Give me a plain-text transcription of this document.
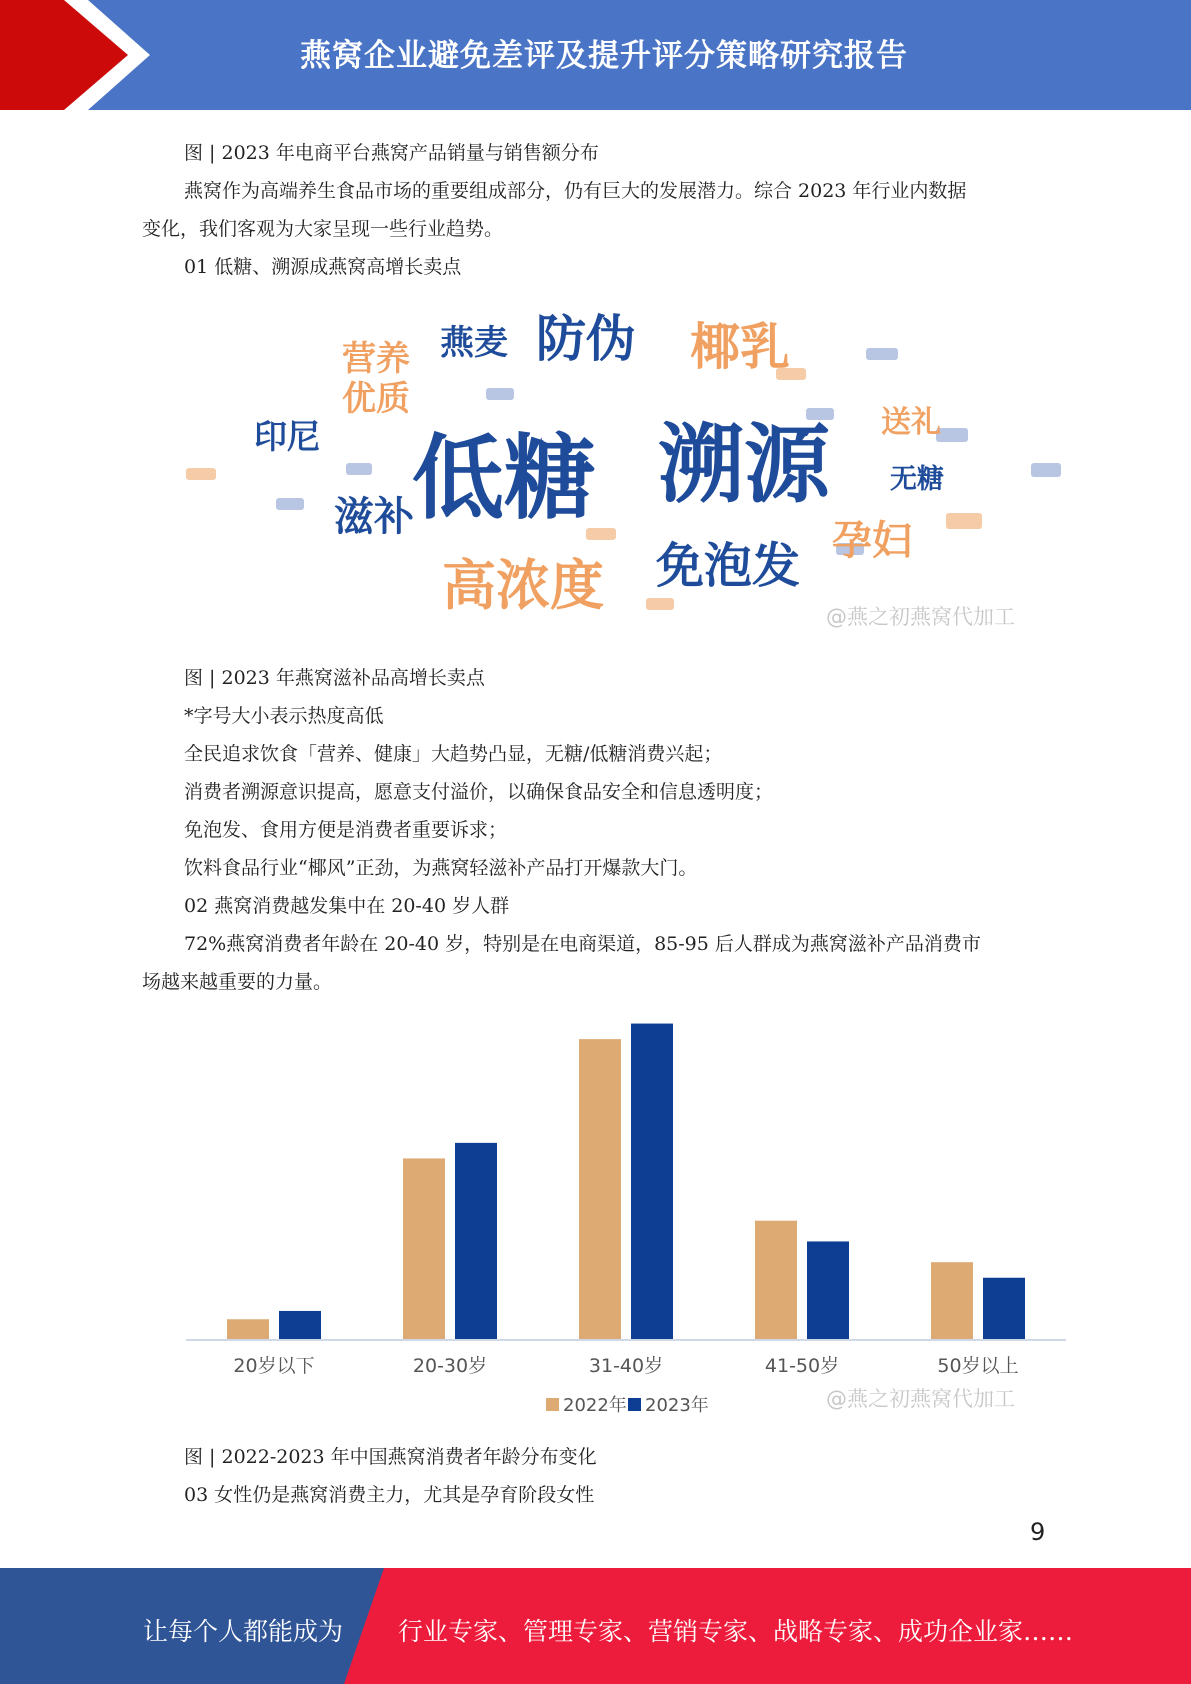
燕窝企业避免差评及提升评分策略研究报告
图 | 2023 年电商平台燕窝产品销量与销售额分布
燕窝作为高端养生食品市场的重要组成部分，仍有巨大的发展潜力。综合 2023 年行业内数据
变化，我们客观为大家呈现一些行业趋势。
01 低糖、溯源成燕窝高增长卖点
低糖 溯源
防伪 椰乳
燕麦
营养
优质
印尼
滋补
高浓度 免泡发 孕妇
送礼
无糖
@燕之初燕窝代加工
图 | 2023 年燕窝滋补品高增长卖点
*字号大小表示热度高低
全民追求饮食「营养、健康」大趋势凸显，无糖/低糖消费兴起；
消费者溯源意识提高，愿意支付溢价，以确保食品安全和信息透明度；
免泡发、食用方便是消费者重要诉求；
饮料食品行业“椰风”正劲，为燕窝轻滋补产品打开爆款大门。
02 燕窝消费越发集中在 20-40 岁人群
72%燕窝消费者年龄在 20-40 岁，特别是在电商渠道，85-95 后人群成为燕窝滋补产品消费市
场越来越重要的力量。
20岁以下	20-30岁	31-40岁	41-50岁	50岁以上
2022年 2023年	@燕之初燕窝代加工
图 | 2022-2023 年中国燕窝消费者年龄分布变化
03 女性仍是燕窝消费主力，尤其是孕育阶段女性
9
让每个人都能成为 行业专家、管理专家、营销专家、战略专家、成功企业家……
